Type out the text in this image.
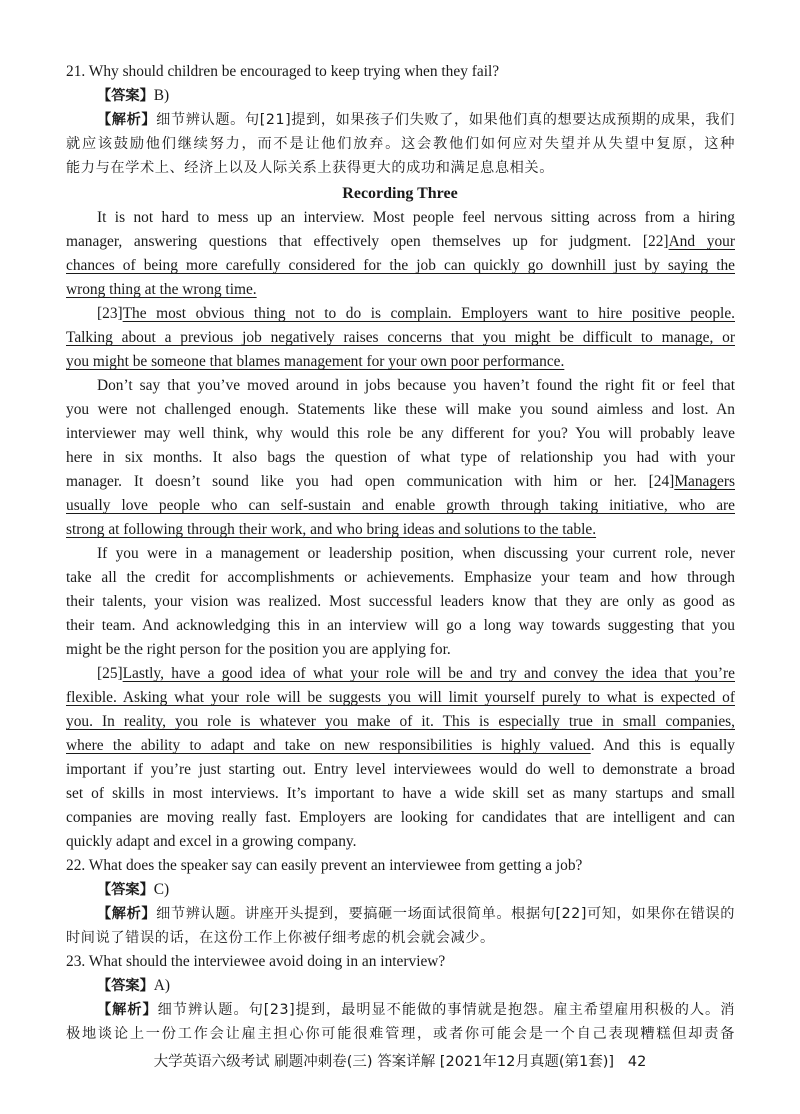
21. Why should children be encouraged to keep trying when they fail?
【答案】B)
【解析】细节辨认题。句[21]提到，如果孩子们失败了，如果他们真的想要达成预期的成果，我们
就应该鼓励他们继续努力，而不是让他们放弃。这会教他们如何应对失望并从失望中复原，这种
能力与在学术上、经济上以及人际关系上获得更大的成功和满足息息相关。
Recording Three
It is not hard to mess up an interview. Most people feel nervous sitting across from a hiring
manager, answering questions that effectively open themselves up for judgment. [22]And your
chances of being more carefully considered for the job can quickly go downhill just by saying the
wrong thing at the wrong time.
[23]The most obvious thing not to do is complain. Employers want to hire positive people.
Talking about a previous job negatively raises concerns that you might be difficult to manage, or
you might be someone that blames management for your own poor performance.
Don’t say that you’ve moved around in jobs because you haven’t found the right fit or feel that
you were not challenged enough. Statements like these will make you sound aimless and lost. An
interviewer may well think, why would this role be any different for you? You will probably leave
here in six months. It also bags the question of what type of relationship you had with your
manager. It doesn’t sound like you had open communication with him or her. [24]Managers
usually love people who can self-sustain and enable growth through taking initiative, who are
strong at following through their work, and who bring ideas and solutions to the table.
If you were in a management or leadership position, when discussing your current role, never
take all the credit for accomplishments or achievements. Emphasize your team and how through
their talents, your vision was realized. Most successful leaders know that they are only as good as
their team. And acknowledging this in an interview will go a long way towards suggesting that you
might be the right person for the position you are applying for.
[25]Lastly, have a good idea of what your role will be and try and convey the idea that you’re
flexible. Asking what your role will be suggests you will limit yourself purely to what is expected of
you. In reality, you role is whatever you make of it. This is especially true in small companies,
where the ability to adapt and take on new responsibilities is highly valued. And this is equally
important if you’re just starting out. Entry level interviewees would do well to demonstrate a broad
set of skills in most interviews. It’s important to have a wide skill set as many startups and small
companies are moving really fast. Employers are looking for candidates that are intelligent and can
quickly adapt and excel in a growing company.
22. What does the speaker say can easily prevent an interviewee from getting a job?
【答案】C)
【解析】细节辨认题。讲座开头提到，要搞砸一场面试很简单。根据句[22]可知，如果你在错误的
时间说了错误的话，在这份工作上你被仔细考虑的机会就会减少。
23. What should the interviewee avoid doing in an interview?
【答案】A)
【解析】细节辨认题。句[23]提到，最明显不能做的事情就是抱怨。雇主希望雇用积极的人。消
极地谈论上一份工作会让雇主担心你可能很难管理，或者你可能会是一个自己表现糟糕但却责备
大学英语六级考试 刷题冲刺卷(三) 答案详解 [2021年12月真题(第1套)] 42
